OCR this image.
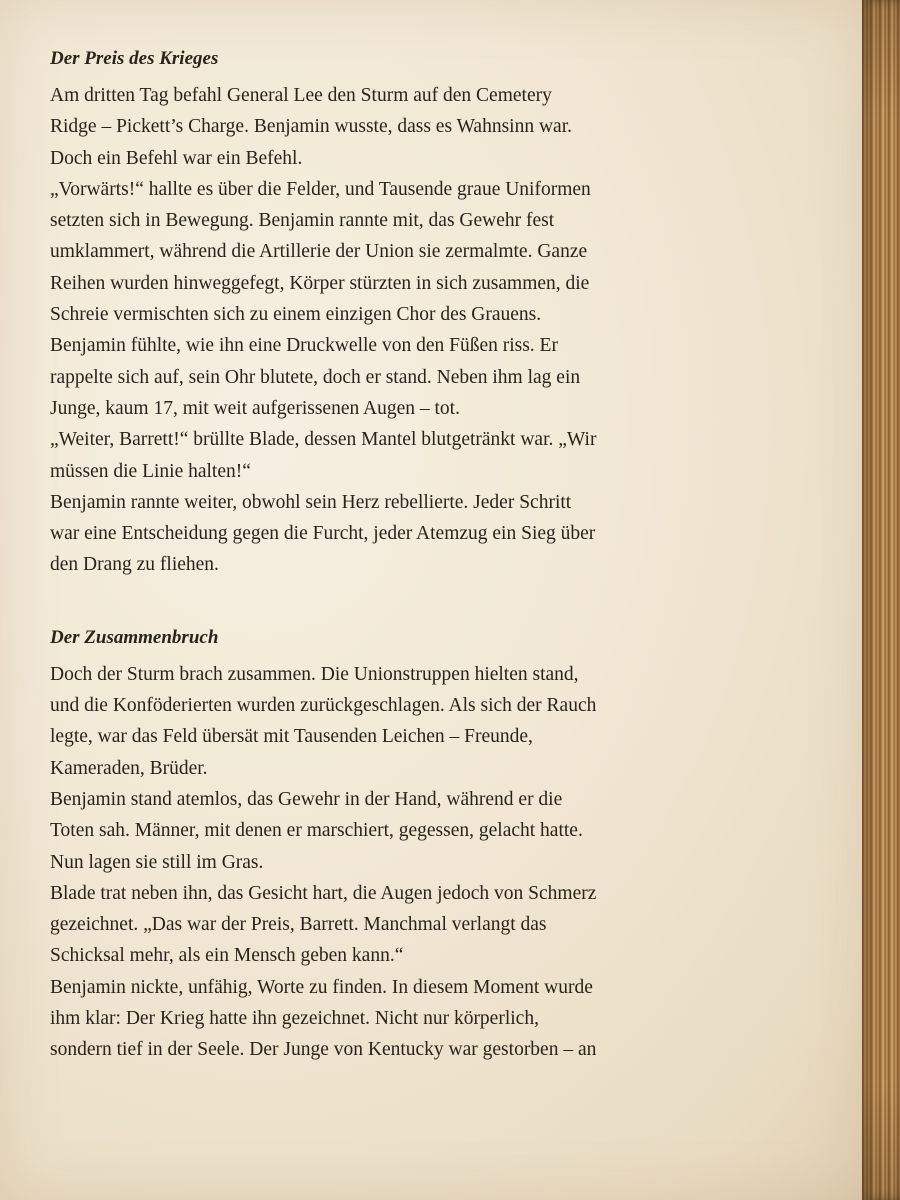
Der Preis des Krieges

Am dritten Tag befahl General Lee den Sturm auf den Cemetery

Ridge – Pickett’s Charge. Benjamin wusste, dass es Wahnsinn war.

Doch ein Befehl war ein Befehl.

„Vorwärts!“ hallte es über die Felder, und Tausende graue Uniformen

setzten sich in Bewegung. Benjamin rannte mit, das Gewehr fest

umklammert, während die Artillerie der Union sie zermalmte. Ganze

Reihen wurden hinweggefegt, Körper stürzten in sich zusammen, die

Schreie vermischten sich zu einem einzigen Chor des Grauens.

Benjamin fühlte, wie ihn eine Druckwelle von den Füßen riss. Er

rappelte sich auf, sein Ohr blutete, doch er stand. Neben ihm lag ein

Junge, kaum 17, mit weit aufgerissenen Augen – tot.

„Weiter, Barrett!“ brüllte Blade, dessen Mantel blutgetränkt war. „Wir

müssen die Linie halten!“

Benjamin rannte weiter, obwohl sein Herz rebellierte. Jeder Schritt

war eine Entscheidung gegen die Furcht, jeder Atemzug ein Sieg über

den Drang zu fliehen.

Der Zusammenbruch

Doch der Sturm brach zusammen. Die Unionstruppen hielten stand,

und die Konföderierten wurden zurückgeschlagen. Als sich der Rauch

legte, war das Feld übersät mit Tausenden Leichen – Freunde,

Kameraden, Brüder.

Benjamin stand atemlos, das Gewehr in der Hand, während er die

Toten sah. Männer, mit denen er marschiert, gegessen, gelacht hatte.

Nun lagen sie still im Gras.

Blade trat neben ihn, das Gesicht hart, die Augen jedoch von Schmerz

gezeichnet. „Das war der Preis, Barrett. Manchmal verlangt das

Schicksal mehr, als ein Mensch geben kann.“

Benjamin nickte, unfähig, Worte zu finden. In diesem Moment wurde

ihm klar: Der Krieg hatte ihn gezeichnet. Nicht nur körperlich,

sondern tief in der Seele. Der Junge von Kentucky war gestorben – an
